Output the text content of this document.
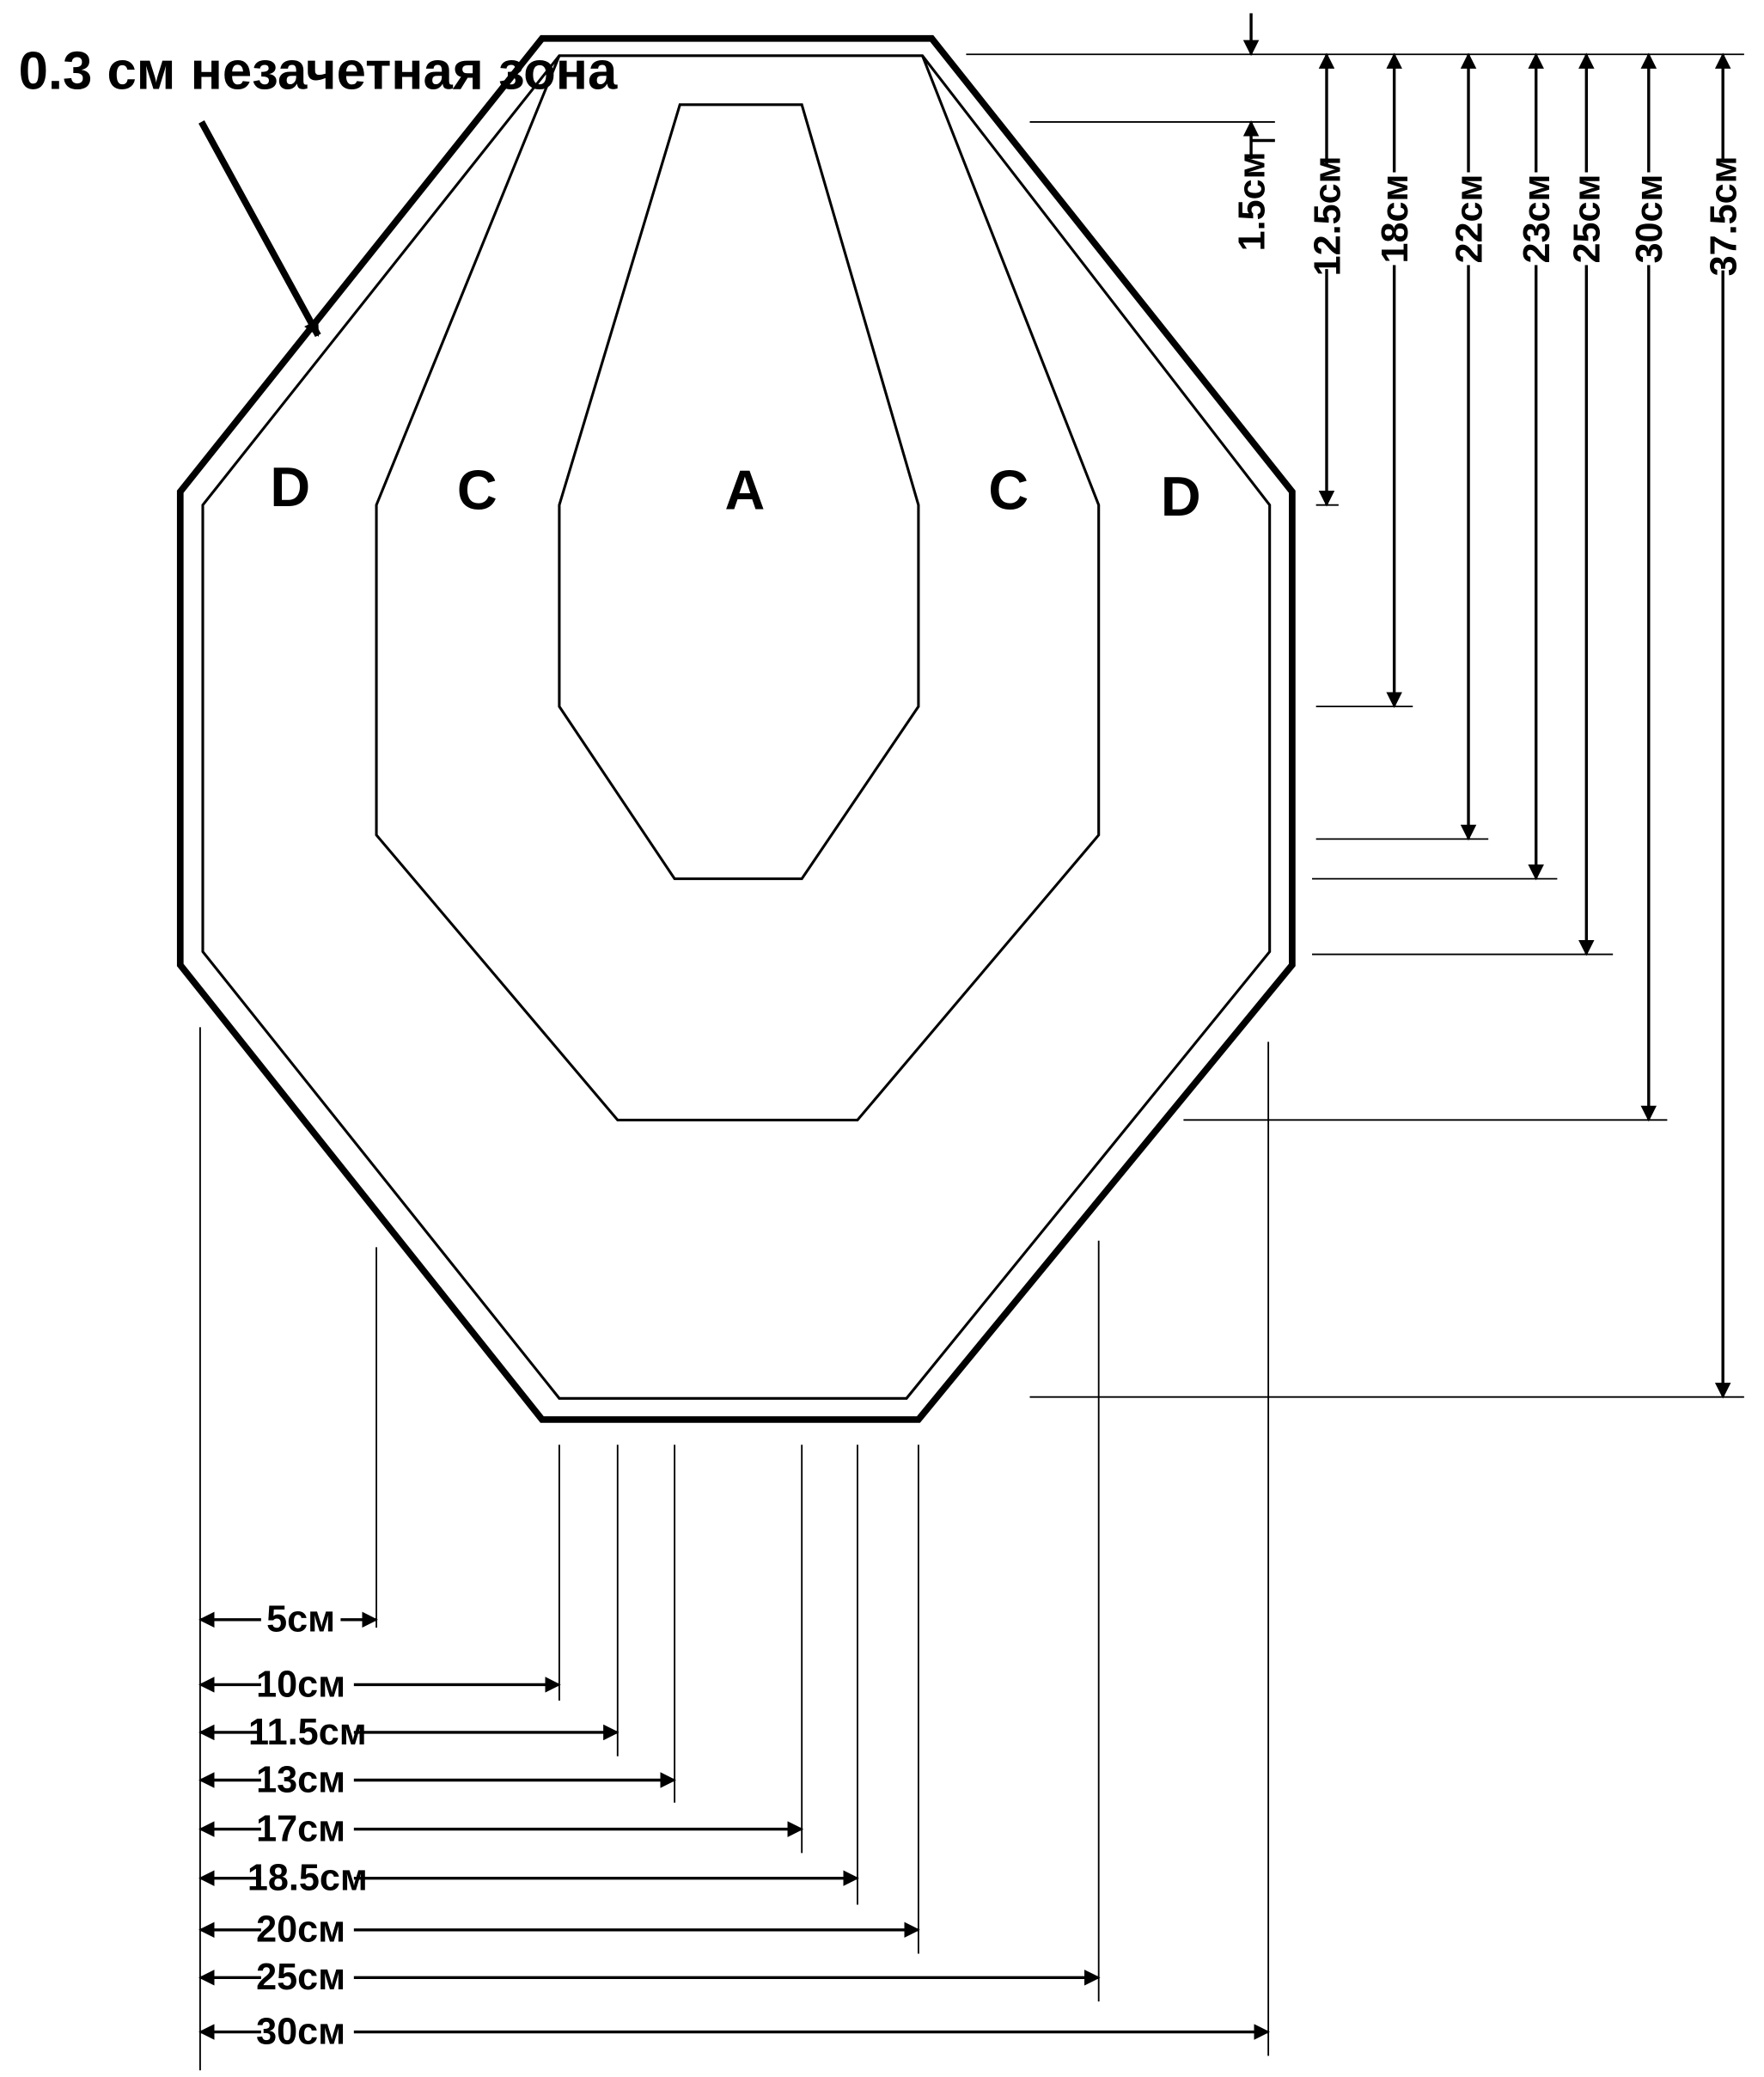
D	C	A	C	D
0.3 см незачетная зона
1.5см 12.5см 18см 22см 23см 25см 30см 37.5см
5см
10см
11.5см
13см
17см
18.5см
20см
25см
30см
